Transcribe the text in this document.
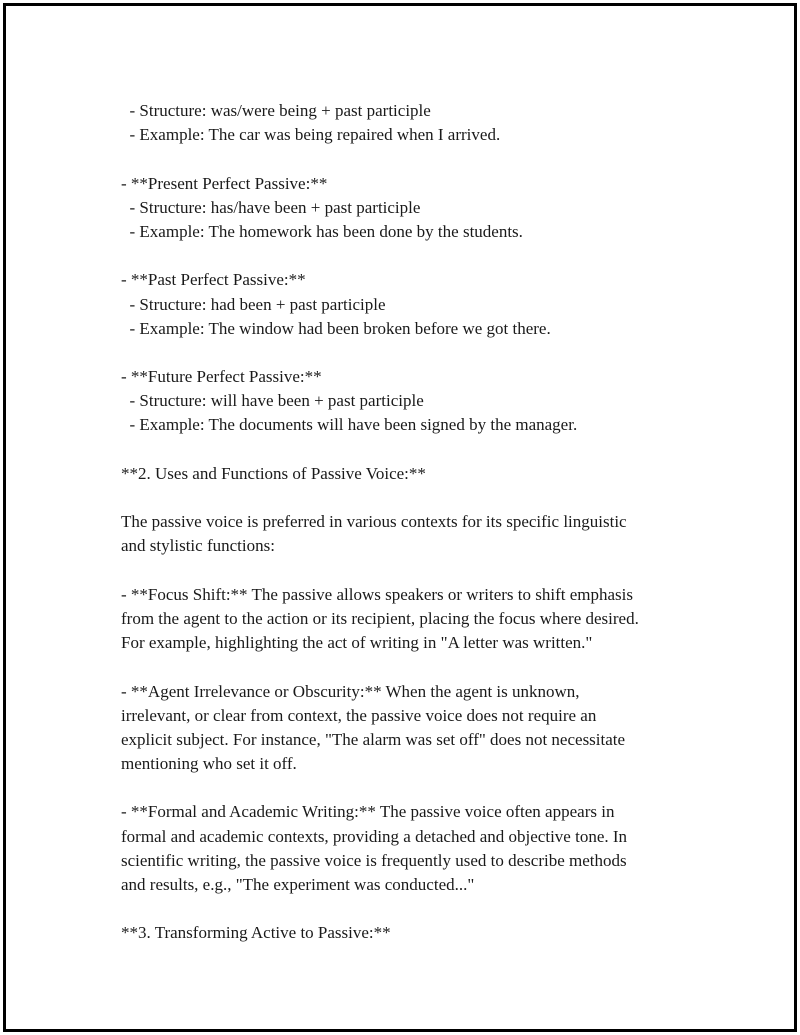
- Structure: was/were being + past participle
- Example: The car was being repaired when I arrived.
- **Present Perfect Passive:**
- Structure: has/have been + past participle
- Example: The homework has been done by the students.
- **Past Perfect Passive:**
- Structure: had been + past participle
- Example: The window had been broken before we got there.
- **Future Perfect Passive:**
- Structure: will have been + past participle
- Example: The documents will have been signed by the manager.
**2. Uses and Functions of Passive Voice:**
The passive voice is preferred in various contexts for its specific linguistic
and stylistic functions:
- **Focus Shift:** The passive allows speakers or writers to shift emphasis
from the agent to the action or its recipient, placing the focus where desired.
For example, highlighting the act of writing in "A letter was written."
- **Agent Irrelevance or Obscurity:** When the agent is unknown,
irrelevant, or clear from context, the passive voice does not require an
explicit subject. For instance, "The alarm was set off" does not necessitate
mentioning who set it off.
- **Formal and Academic Writing:** The passive voice often appears in
formal and academic contexts, providing a detached and objective tone. In
scientific writing, the passive voice is frequently used to describe methods
and results, e.g., "The experiment was conducted..."
**3. Transforming Active to Passive:**
